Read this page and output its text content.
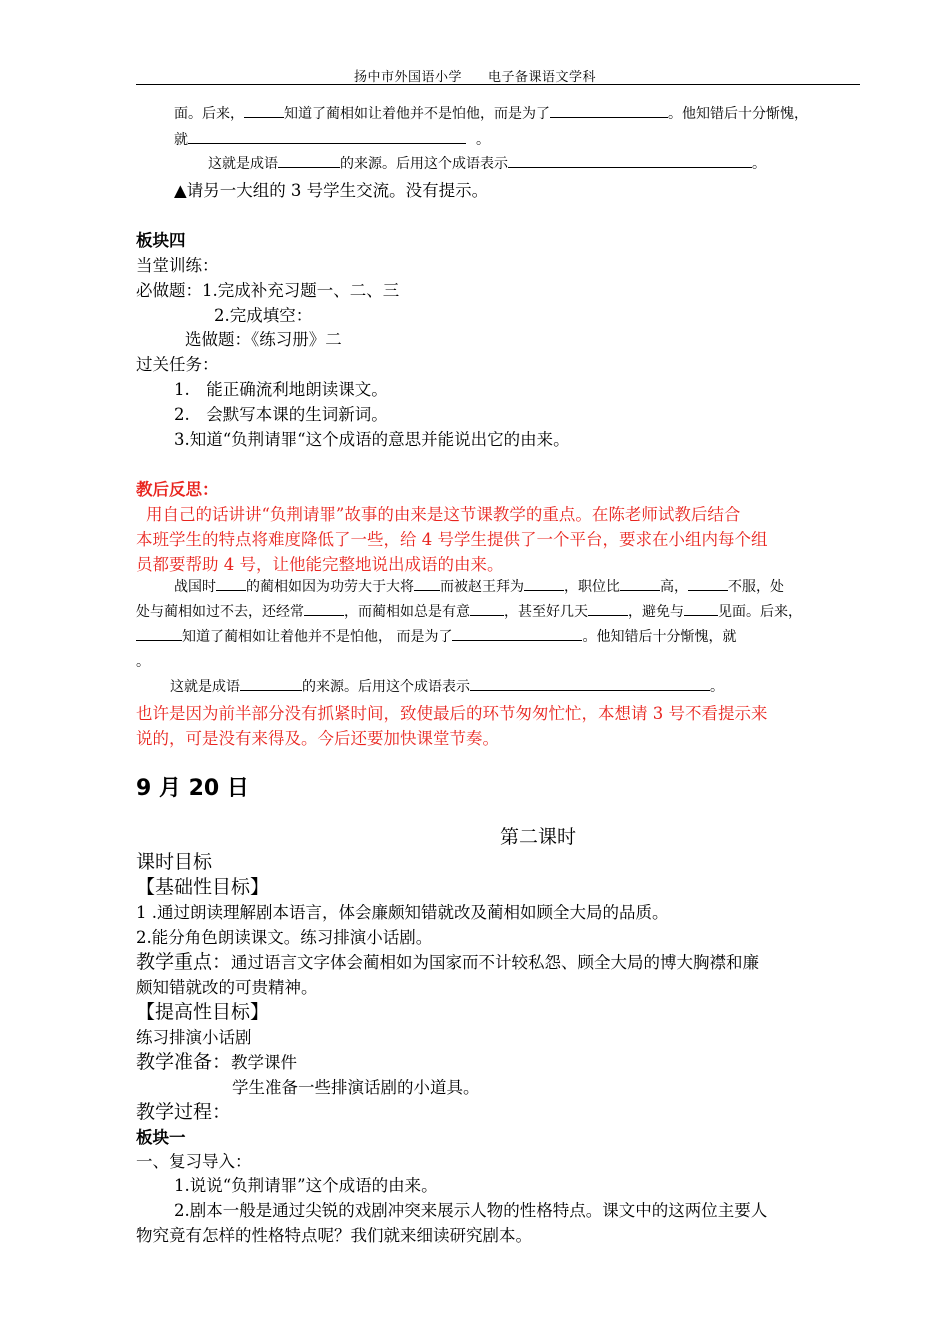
扬中市外国语小学 电子备课语文学科
面。后来，	知道了蔺相如让着他并不是怕他，而是为了	。他知错后十分惭愧，
就	。
这就是成语	的来源。后用这个成语表示	。
▲请另一大组的 3 号学生交流。没有提示。
板块四
当堂训练：
必做题：1.完成补充习题一、二、三
2.完成填空：
选做题：《练习册》二
过关任务：
1.　能正确流利地朗读课文。
2.　会默写本课的生词新词。
3.知道“负荆请罪“这个成语的意思并能说出它的由来。
教后反思：
用自己的话讲讲“负荆请罪”故事的由来是这节课教学的重点。在陈老师试教后结合
本班学生的特点将难度降低了一些，给 4 号学生提供了一个平台，要求在小组内每个组
员都要帮助 4 号，让他能完整地说出成语的由来。
战国时 的蔺相如因为功劳大于大将 而被赵王拜为	，职位比	高，	不服，处
处与蔺相如过不去，还经常	，而蔺相如总是有意 ，甚至好几天	，避免与 见面。后来，
知道了蔺相如让着他并不是怕他， 而是为了	。他知错后十分惭愧，就
。
这就是成语	的来源。后用这个成语表示	。
也许是因为前半部分没有抓紧时间，致使最后的环节匆匆忙忙，本想请 3 号不看提示来
说的，可是没有来得及。今后还要加快课堂节奏。
9 月 20 日
第二课时
课时目标
【基础性目标】
1 .通过朗读理解剧本语言，体会廉颇知错就改及蔺相如顾全大局的品质。
2.能分角色朗读课文。练习排演小话剧。
教学重点：通过语言文字体会蔺相如为国家而不计较私怨、顾全大局的博大胸襟和廉
颇知错就改的可贵精神。
【提高性目标】
练习排演小话剧
教学准备：教学课件
学生准备一些排演话剧的小道具。
教学过程：
板块一
一、复习导入：
1.说说“负荆请罪”这个成语的由来。
2.剧本一般是通过尖锐的戏剧冲突来展示人物的性格特点。课文中的这两位主要人
物究竟有怎样的性格特点呢？我们就来细读研究剧本。
